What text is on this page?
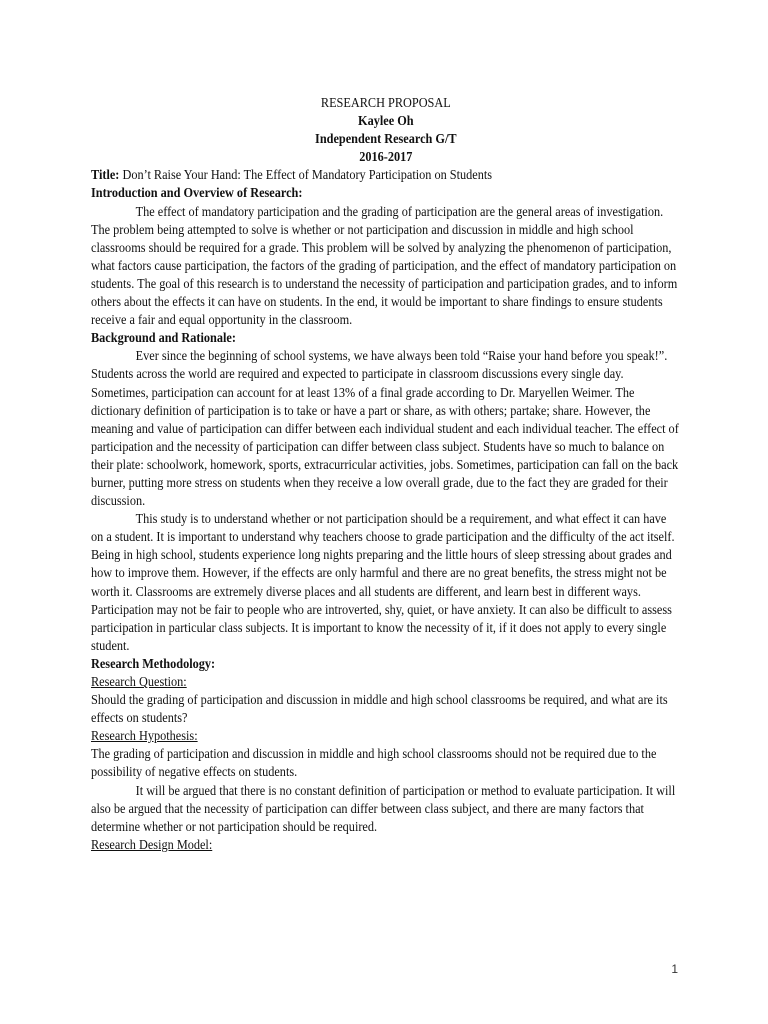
RESEARCH PROPOSAL

Kaylee Oh

Independent Research G/T

2016-2017

Title: Don’t Raise Your Hand: The Effect of Mandatory Participation on Students

Introduction and Overview of Research:

The effect of mandatory participation and the grading of participation are the general areas of investigation. The problem being attempted to solve is whether or not participation and discussion in middle and high school classrooms should be required for a grade. This problem will be solved by analyzing the phenomenon of participation, what factors cause participation, the factors of the grading of participation, and the effect of mandatory participation on students. The goal of this research is to understand the necessity of participation and participation grades, and to inform others about the effects it can have on students. In the end, it would be important to share findings to ensure students receive a fair and equal opportunity in the classroom.

Background and Rationale:

Ever since the beginning of school systems, we have always been told “Raise your hand before you speak!”. Students across the world are required and expected to participate in classroom discussions every single day. Sometimes, participation can account for at least 13% of a final grade according to Dr. Maryellen Weimer. The dictionary definition of participation is to take or have a part or share, as with others; partake; share. However, the meaning and value of participation can differ between each individual student and each individual teacher. The effect of participation and the necessity of participation can differ between class subject. Students have so much to balance on their plate: schoolwork, homework, sports, extracurricular activities, jobs. Sometimes, participation can fall on the back burner, putting more stress on students when they receive a low overall grade, due to the fact they are graded for their discussion.

This study is to understand whether or not participation should be a requirement, and what effect it can have on a student. It is important to understand why teachers choose to grade participation and the difficulty of the act itself. Being in high school, students experience long nights preparing and the little hours of sleep stressing about grades and how to improve them. However, if the effects are only harmful and there are no great benefits, the stress might not be worth it. Classrooms are extremely diverse places and all students are different, and learn best in different ways. Participation may not be fair to people who are introverted, shy, quiet, or have anxiety. It can also be difficult to assess participation in particular class subjects. It is important to know the necessity of it, if it does not apply to every single student.

Research Methodology:

Research Question:

Should the grading of participation and discussion in middle and high school classrooms be required, and what are its effects on students?

Research Hypothesis:

The grading of participation and discussion in middle and high school classrooms should not be required due to the possibility of negative effects on students.

It will be argued that there is no constant definition of participation or method to evaluate participation. It will also be argued that the necessity of participation can differ between class subject, and there are many factors that determine whether or not participation should be required.

Research Design Model:

1
